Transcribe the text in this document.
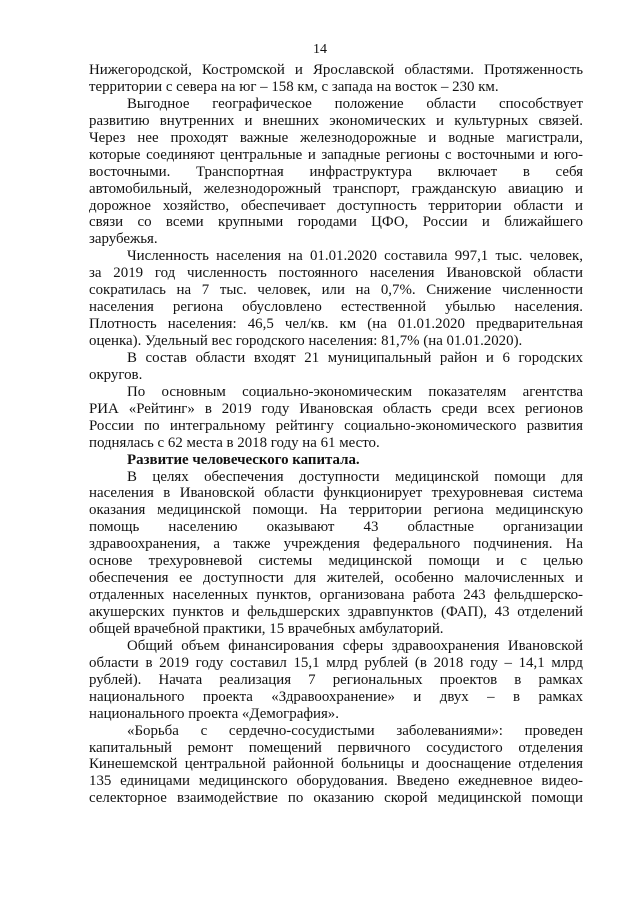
14
Нижегородской, Костромской и Ярославской областями. Протяженность
территории с севера на юг – 158 км, с запада на восток – 230 км.
Выгодное географическое положение области способствует
развитию внутренних и внешних экономических и культурных связей.
Через нее проходят важные железнодорожные и водные магистрали,
которые соединяют центральные и западные регионы с восточными и юго-
восточными. Транспортная инфраструктура включает в себя
автомобильный, железнодорожный транспорт, гражданскую авиацию и
дорожное хозяйство, обеспечивает доступность территории области и
связи со всеми крупными городами ЦФО, России и ближайшего
зарубежья.
Численность населения на 01.01.2020 составила 997,1 тыс. человек,
за 2019 год численность постоянного населения Ивановской области
сократилась на 7 тыс. человек, или на 0,7%. Снижение численности
населения региона обусловлено естественной убылью населения.
Плотность населения: 46,5 чел/кв. км (на 01.01.2020 предварительная
оценка). Удельный вес городского населения: 81,7% (на 01.01.2020).
В состав области входят 21 муниципальный район и 6 городских
округов.
По основным социально-экономическим показателям агентства
РИА «Рейтинг» в 2019 году Ивановская область среди всех регионов
России по интегральному рейтингу социально-экономического развития
поднялась с 62 места в 2018 году на 61 место.
Развитие человеческого капитала.
В целях обеспечения доступности медицинской помощи для
населения в Ивановской области функционирует трехуровневая система
оказания медицинской помощи. На территории региона медицинскую
помощь населению оказывают 43 областные организации
здравоохранения, а также учреждения федерального подчинения. На
основе трехуровневой системы медицинской помощи и с целью
обеспечения ее доступности для жителей, особенно малочисленных и
отдаленных населенных пунктов, организована работа 243 фельдшерско-
акушерских пунктов и фельдшерских здравпунктов (ФАП), 43 отделений
общей врачебной практики, 15 врачебных амбулаторий.
Общий объем финансирования сферы здравоохранения Ивановской
области в 2019 году составил 15,1 млрд рублей (в 2018 году – 14,1 млрд
рублей). Начата реализация 7 региональных проектов в рамках
национального проекта «Здравоохранение» и двух – в рамках
национального проекта «Демография».
«Борьба с сердечно-сосудистыми заболеваниями»: проведен
капитальный ремонт помещений первичного сосудистого отделения
Кинешемской центральной районной больницы и дооснащение отделения
135 единицами медицинского оборудования. Введено ежедневное видео-
селекторное взаимодействие по оказанию скорой медицинской помощи
